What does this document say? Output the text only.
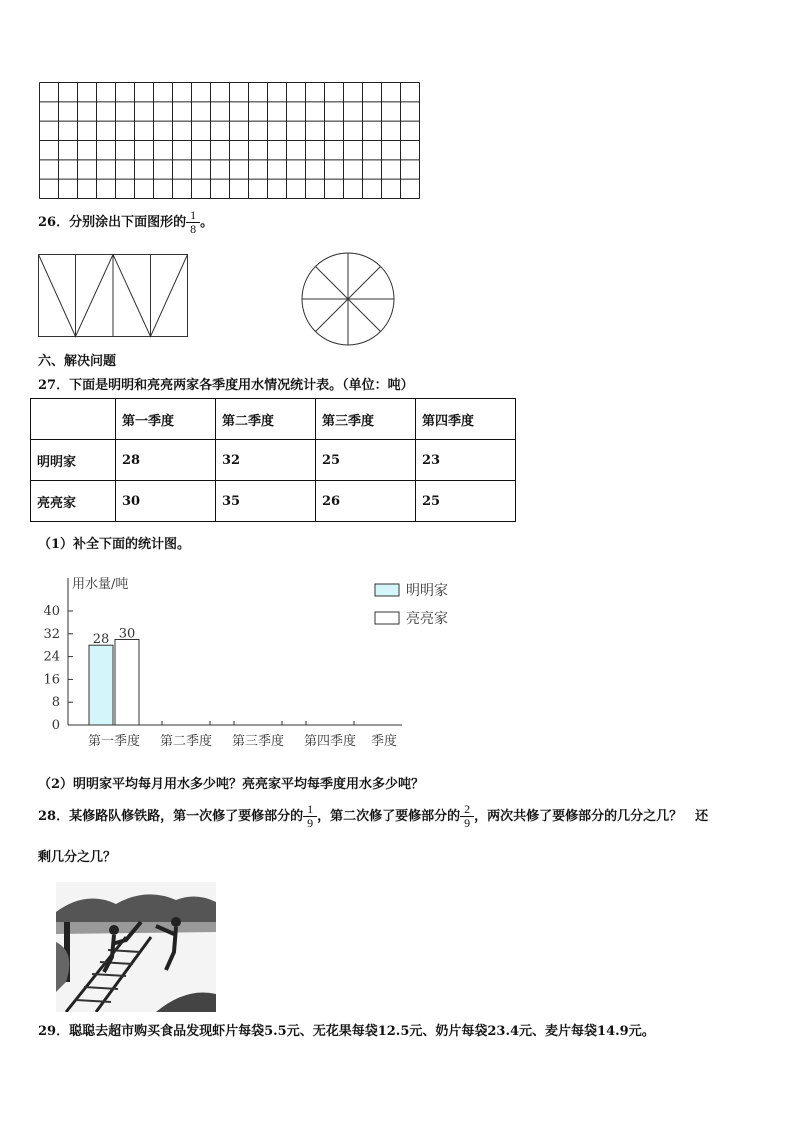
26．分别涂出下面图形的 $\frac{1}{8}$ 。
六、解决问题
27．下面是明明和亮亮两家各季度用水情况统计表。（单位：吨）
	第一季度	第二季度	第三季度	第四季度
明明家	28	32	25	23
亮亮家	30	35	26	25
（1）补全下面的统计图。
用水量/吨
0
8
16
24
32
40
第一季度 第二季度 第三季度 第四季度 季度
28
明明家
30
亮亮家
（2）明明家平均每月用水多少吨？亮亮家平均每季度用水多少吨？
28．某修路队修铁路，第一次修了要修部分的 $\frac{1}{9}$ ，第二次修了要修部分的 $\frac{2}{9}$ ，两次共修了要修部分的几分之几？　还
剩几分之几？
29．聪聪去超市购买食品发现虾片每袋5.5元、无花果每袋12.5元、奶片每袋23.4元、麦片每袋14.9元。
